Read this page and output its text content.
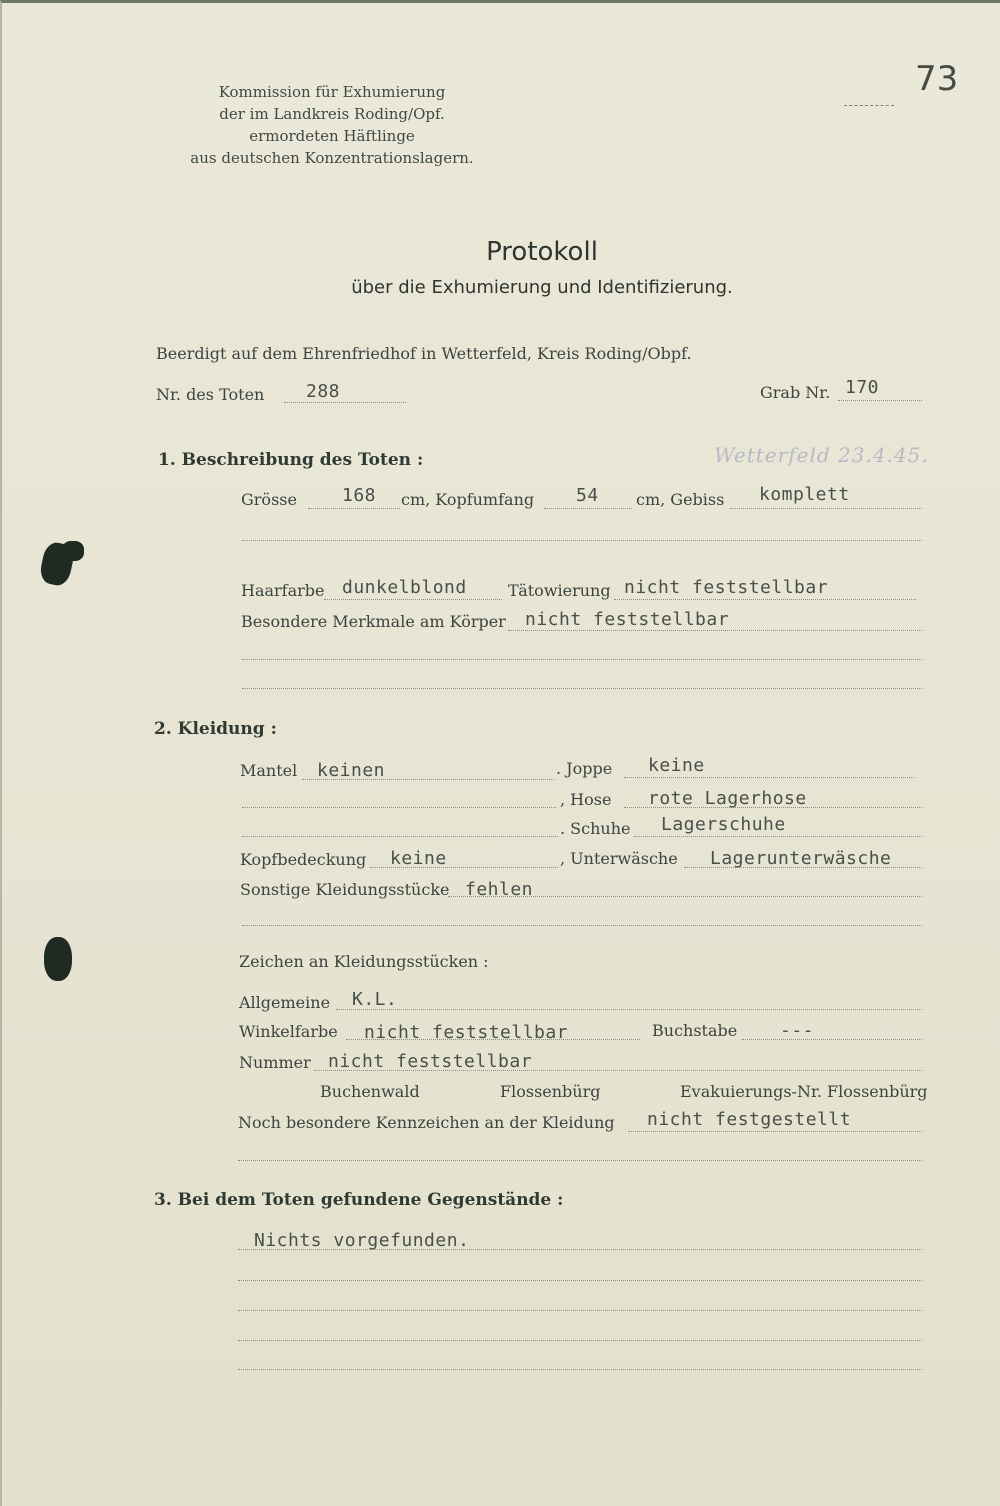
73
Kommission für Exhumierung
der im Landkreis Roding/Opf.
ermordeten Häftlinge
aus deutschen Konzentrationslagern.
Protokoll
über die Exhumierung und Identifizierung.
Beerdigt auf dem Ehrenfriedhof in Wetterfeld, Kreis Roding/Obpf.
Nr. des Toten 288	Grab Nr. 170
Wetterfeld 23.4.45.
1. Beschreibung des Toten :
Grösse	168 cm, Kopfumfang 54 cm, Gebiss komplett
Haarfarbe dunkelblond	Tätowierung nicht feststellbar
Besondere Merkmale am Körper nicht feststellbar
2. Kleidung :
Mantel keinen	. Joppe keine
, Hose rote Lagerhose
. Schuhe Lagerschuhe
Kopfbedeckung keine	, Unterwäsche Lagerunterwäsche
Sonstige Kleidungsstücke fehlen
Zeichen an Kleidungsstücken :
Allgemeine K.L.
Winkelfarbe nicht feststellbar	Buchstabe ---
Nummer nicht feststellbar
Buchenwald	Flossenbürg	Evakuierungs-Nr. Flossenbürg
Noch besondere Kennzeichen an der Kleidung nicht festgestellt
3. Bei dem Toten gefundene Gegenstände :
Nichts vorgefunden.
